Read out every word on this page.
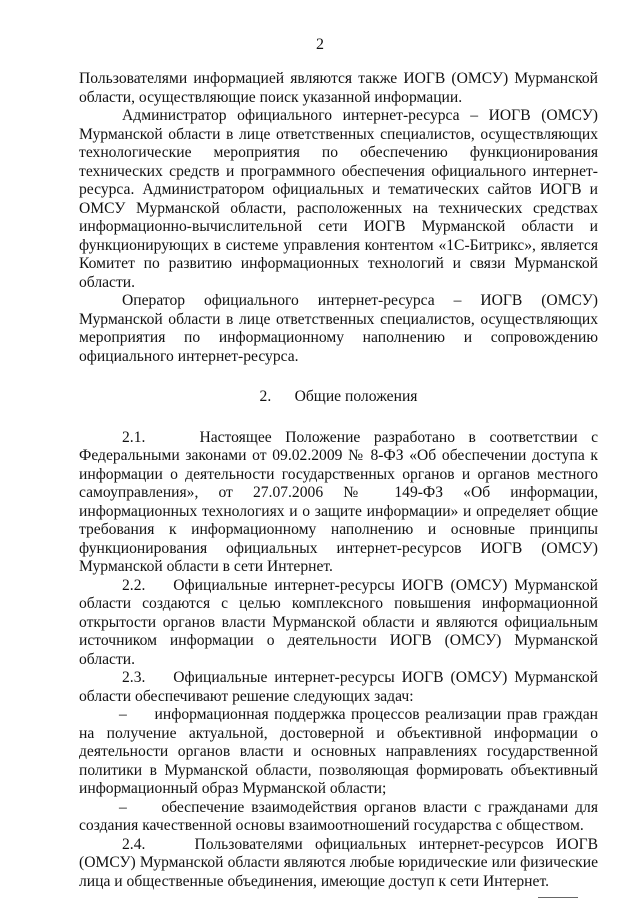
2

Пользователями информацией являются также ИОГВ (ОМСУ) Мурманской области, осуществляющие поиск указанной информации.

Администратор официального интернет-ресурса – ИОГВ (ОМСУ) Мурманской области в лице ответственных специалистов, осуществляющих технологические мероприятия по обеспечению функционирования технических средств и программного обеспечения официального интернет-ресурса. Администратором официальных и тематических сайтов ИОГВ и ОМСУ Мурманской области, расположенных на технических средствах информационно-вычислительной сети ИОГВ Мурманской области и функционирующих в системе управления контентом «1С-Битрикс», является Комитет по развитию информационных технологий и связи Мурманской области.

Оператор официального интернет-ресурса – ИОГВ (ОМСУ) Мурманской области в лице ответственных специалистов, осуществляющих мероприятия по информационному наполнению и сопровождению официального интернет-ресурса.

2.      Общие положения

2.1.    Настоящее Положение разработано в соответствии с Федеральными законами от 09.02.2009 № 8-ФЗ «Об обеспечении доступа к информации о деятельности государственных органов и органов местного самоуправления», от 27.07.2006 № 149-ФЗ «Об информации, информационных технологиях и о защите информации» и определяет общие требования к информационному наполнению и основные принципы функционирования официальных интернет-ресурсов ИОГВ (ОМСУ) Мурманской области в сети Интернет.

2.2.    Официальные интернет-ресурсы ИОГВ (ОМСУ) Мурманской области создаются с целью комплексного повышения информационной открытости органов власти Мурманской области и являются официальным источником информации о деятельности ИОГВ (ОМСУ) Мурманской области.

2.3.    Официальные интернет-ресурсы ИОГВ (ОМСУ) Мурманской области обеспечивают решение следующих задач:

–     информационная поддержка процессов реализации прав граждан на получение актуальной, достоверной и объективной информации о деятельности органов власти и основных направлениях государственной политики в Мурманской области, позволяющая формировать объективный информационный образ Мурманской области;

–     обеспечение взаимодействия органов власти с гражданами для создания качественной основы взаимоотношений государства с обществом.

2.4.    Пользователями официальных интернет-ресурсов ИОГВ (ОМСУ) Мурманской области являются любые юридические или физические лица и общественные объединения, имеющие доступ к сети Интернет.
